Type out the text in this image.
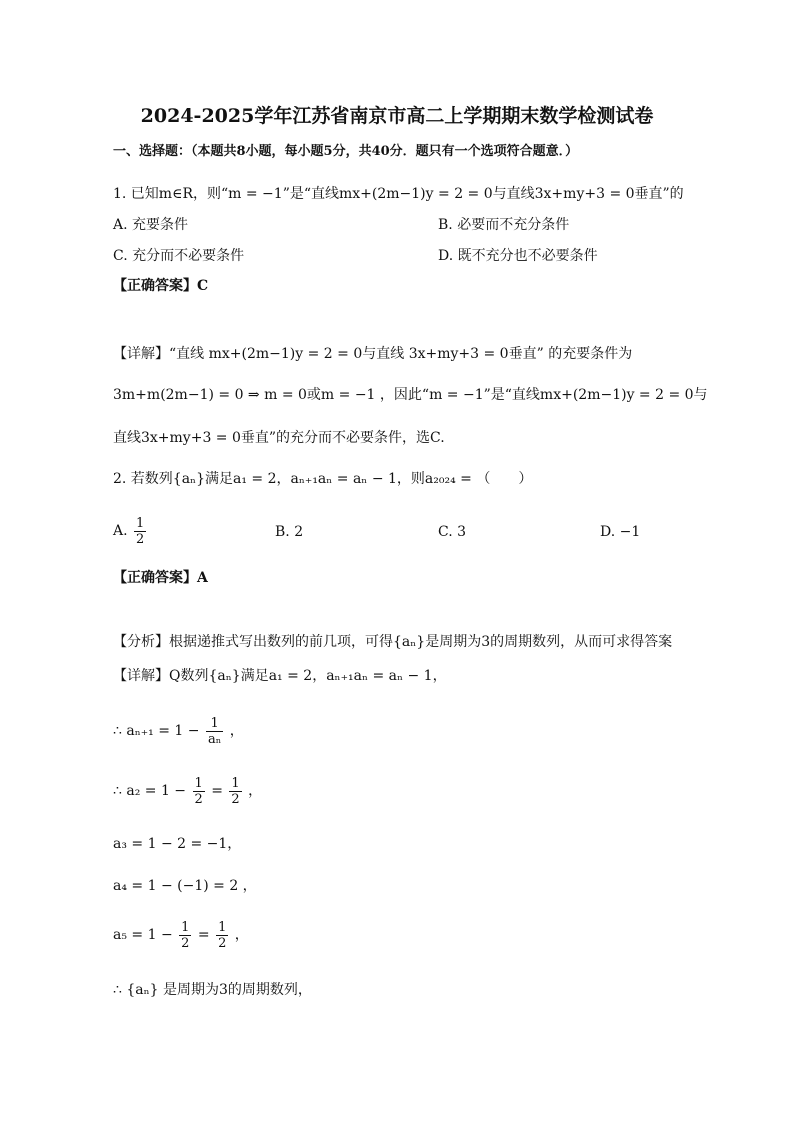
2024-2025学年江苏省南京市高二上学期期末数学检测试卷
一、选择题：（本题共8小题，每小题5分，共40分．题只有一个选项符合题意．）
1. 已知m∈R，则“m = −1”是“直线mx+(2m−1)y = 2 = 0与直线3x+my+3 = 0垂直”的
A. 充要条件	B. 必要而不充分条件
C. 充分而不必要条件	D. 既不充分也不必要条件
【正确答案】C
【详解】“直线 mx+(2m−1)y = 2 = 0与直线 3x+my+3 = 0垂直” 的充要条件为
3m+m(2m−1) = 0 ⇒ m = 0或m = −1 ，因此“m = −1”是“直线mx+(2m−1)y = 2 = 0与
直线3x+my+3 = 0垂直”的充分而不必要条件，选C.
2. 若数列{aₙ}满足a₁ = 2，aₙ₊₁aₙ = aₙ − 1，则a₂₀₂₄ = （　　）
A. $\frac{1}{2}$	B. 2	C. 3	D. −1
【正确答案】A
【分析】根据递推式写出数列的前几项，可得{aₙ}是周期为3的周期数列，从而可求得答案
【详解】Q数列{aₙ}满足a₁ = 2，aₙ₊₁aₙ = aₙ − 1，
∴ $a_{n+1} = 1 - \frac{1}{\text{aₙ}}$ ，
∴ $a_2 = 1 - \frac{1}{2} = \frac{1}{2}$ ，
a₃ = 1 − 2 = −1，
a₄ = 1 − (−1) = 2 ，
$a_5 = 1 - \frac{1}{2} = \frac{1}{2}$ ，
∴ {aₙ} 是周期为3的周期数列，
